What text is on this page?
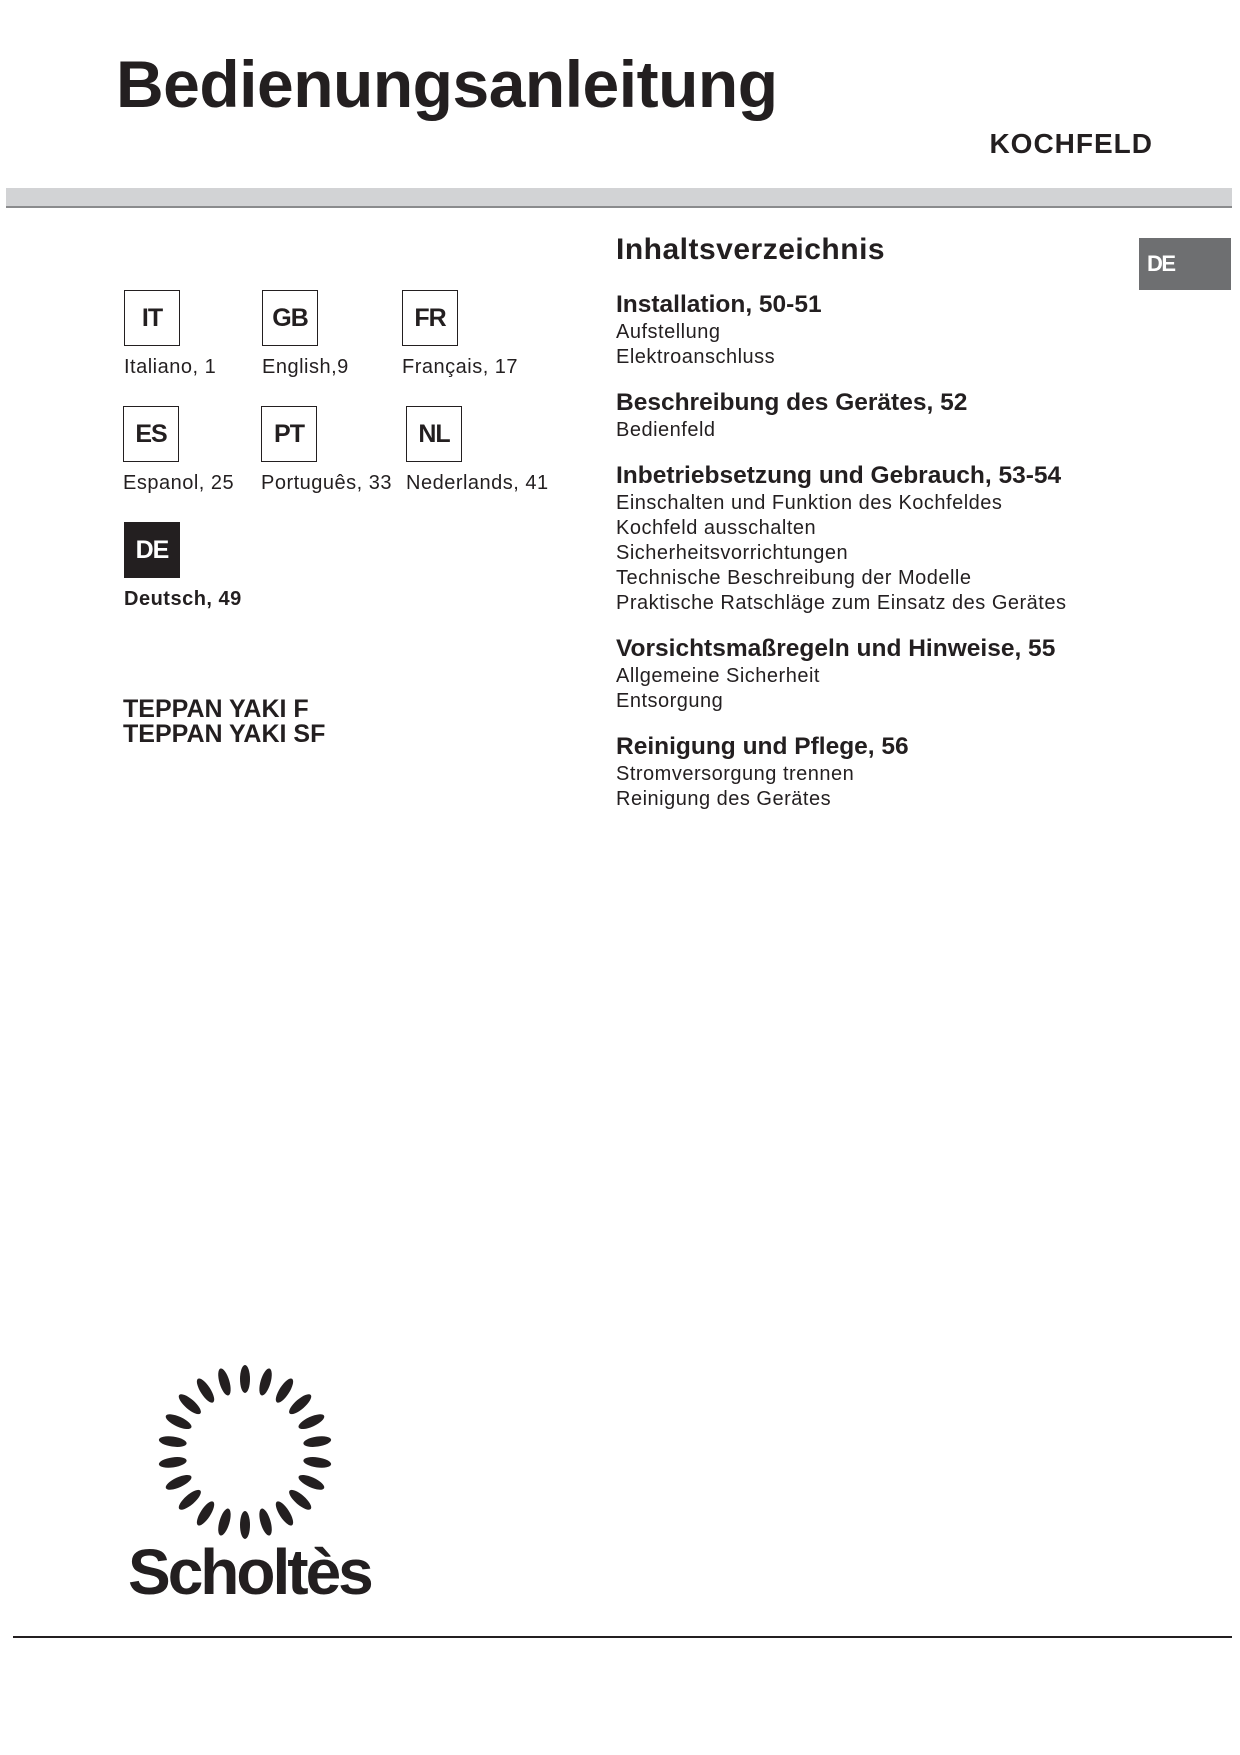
Bedienungsanleitung
KOCHFELD
DE
IT
Italiano, 1
GB
English,9
FR
Français, 17
ES
Espanol, 25
PT
Português, 33
NL
Nederlands, 41
DE
Deutsch, 49
TEPPAN YAKI F
TEPPAN YAKI SF
Inhaltsverzeichnis
Installation, 50-51
Aufstellung
Elektroanschluss
Beschreibung des Gerätes, 52
Bedienfeld
Inbetriebsetzung und Gebrauch, 53-54
Einschalten und Funktion des Kochfeldes
Kochfeld ausschalten
Sicherheitsvorrichtungen
Technische Beschreibung der Modelle
Praktische Ratschläge zum Einsatz des Gerätes
Vorsichtsmaßregeln und Hinweise, 55
Allgemeine Sicherheit
Entsorgung
Reinigung und Pflege, 56
Stromversorgung trennen
Reinigung des Gerätes
Scholtès
